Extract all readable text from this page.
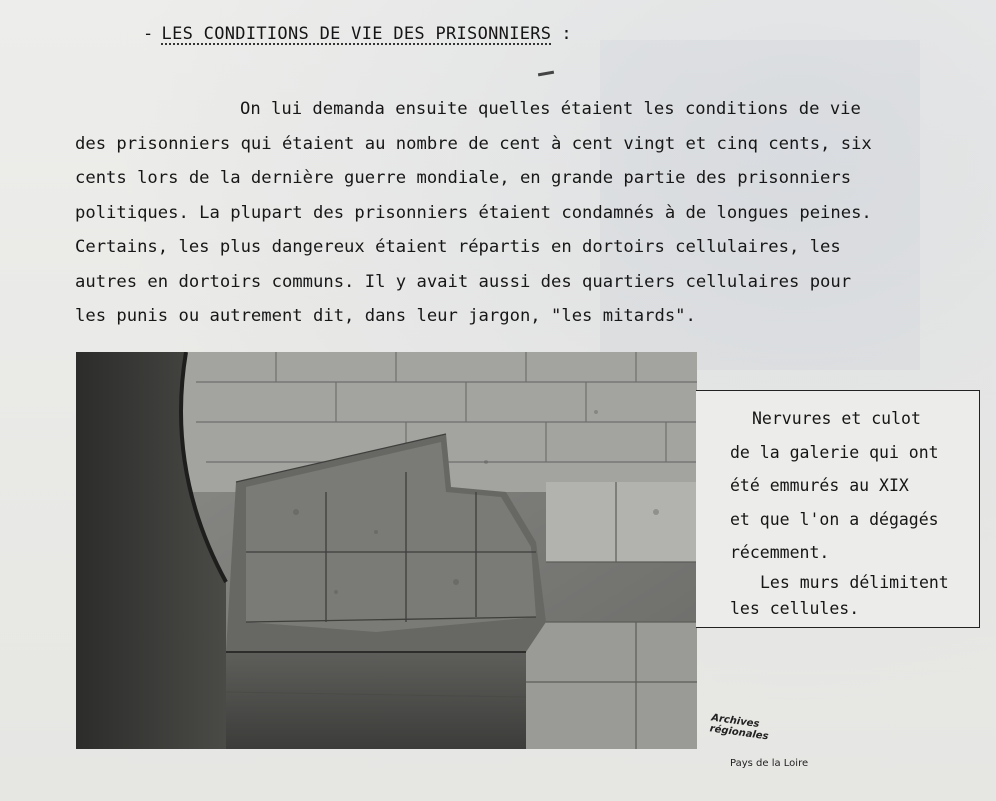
- LES CONDITIONS DE VIE DES PRISONNIERS :
On lui demanda ensuite quelles étaient les conditions de vie
des prisonniers qui étaient au nombre de cent à cent vingt et cinq cents, six
cents lors de la dernière guerre mondiale, en grande partie des prisonniers
politiques. La plupart des prisonniers étaient condamnés à de longues peines.
Certains, les plus dangereux étaient répartis en dortoirs cellulaires, les
autres en dortoirs communs. Il y avait aussi des quartiers cellulaires pour
les punis ou autrement dit, dans leur jargon, "les mitards".
Nervures et culot
de la galerie qui ont
été emmurés au XIX
et que l'on a dégagés
récemment.
Les murs délimitent
les cellules.
Archives régionales
Pays de la Loire
